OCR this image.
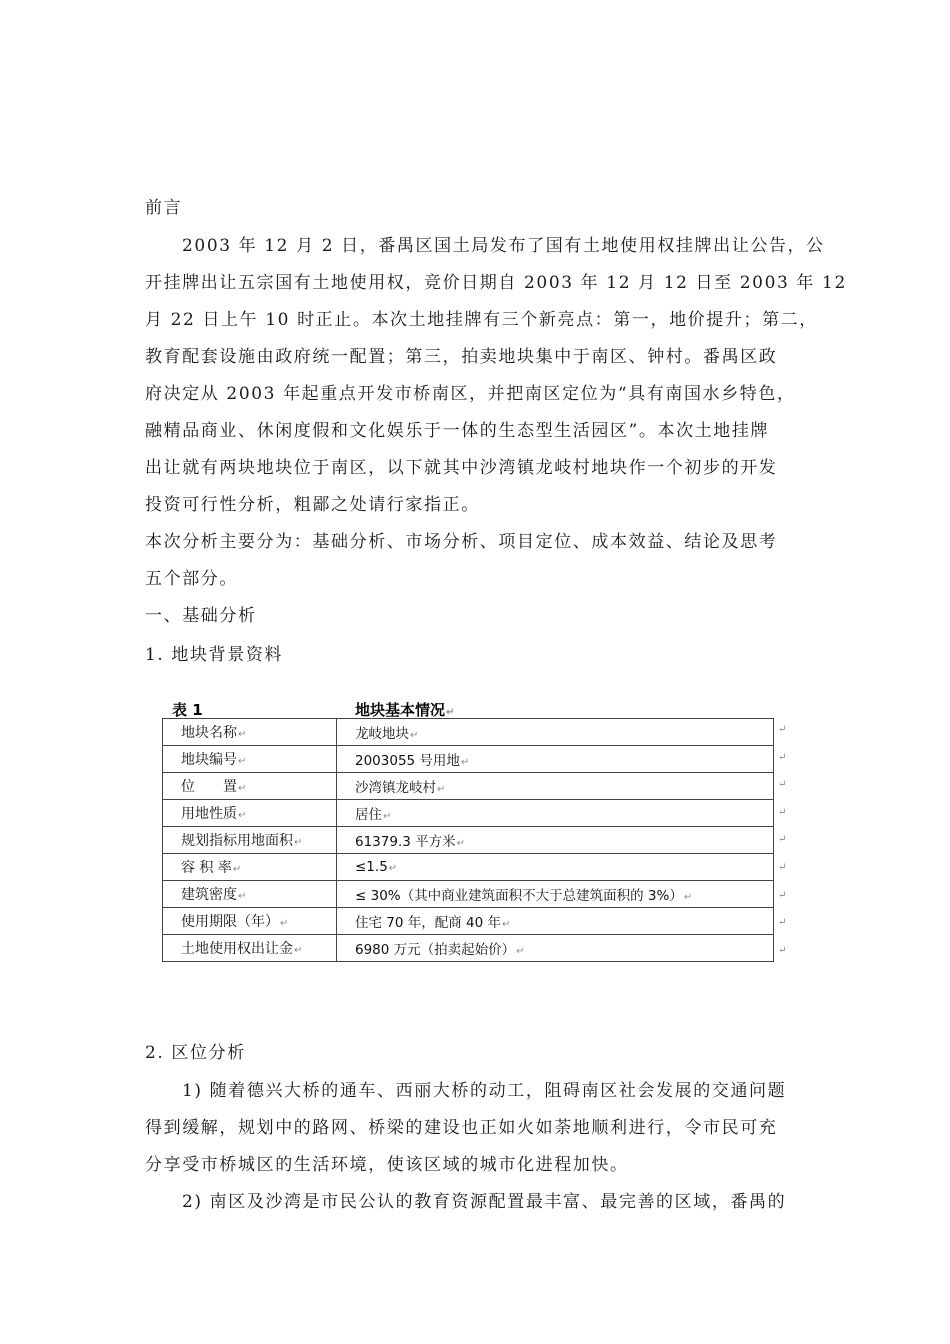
前言
2003 年 12 月 2 日，番禺区国土局发布了国有土地使用权挂牌出让公告，公
开挂牌出让五宗国有土地使用权，竞价日期自 2003 年 12 月 12 日至 2003 年 12
月 22 日上午 10 时正止。本次土地挂牌有三个新亮点：第一，地价提升；第二，
教育配套设施由政府统一配置；第三，拍卖地块集中于南区、钟村。番禺区政
府决定从 2003 年起重点开发市桥南区，并把南区定位为“具有南国水乡特色，
融精品商业、休闲度假和文化娱乐于一体的生态型生活园区”。本次土地挂牌
出让就有两块地块位于南区，以下就其中沙湾镇龙岐村地块作一个初步的开发
投资可行性分析，粗鄙之处请行家指正。
本次分析主要分为：基础分析、市场分析、项目定位、成本效益、结论及思考
五个部分。
一、基础分析
1. 地块背景资料
表 1	地块基本情况↵
地块名称↵	龙岐地块↵
地块编号↵	2003055 号用地↵
位　　置↵	沙湾镇龙岐村↵
用地性质↵	居住↵
规划指标用地面积↵	61379.3 平方米↵
容 积 率↵	≤1.5↵
建筑密度↵	≤ 30%（其中商业建筑面积不大于总建筑面积的 3%）↵
使用期限（年）↵	住宅 70 年，配商 40 年↵
土地使用权出让金↵	6980 万元（拍卖起始价）↵
↵
↵
↵
↵
↵
↵
↵
↵
↵
2. 区位分析
1) 随着德兴大桥的通车、西丽大桥的动工，阻碍南区社会发展的交通问题
得到缓解，规划中的路网、桥梁的建设也正如火如荼地顺利进行，令市民可充
分享受市桥城区的生活环境，使该区域的城市化进程加快。
2) 南区及沙湾是市民公认的教育资源配置最丰富、最完善的区域，番禺的
